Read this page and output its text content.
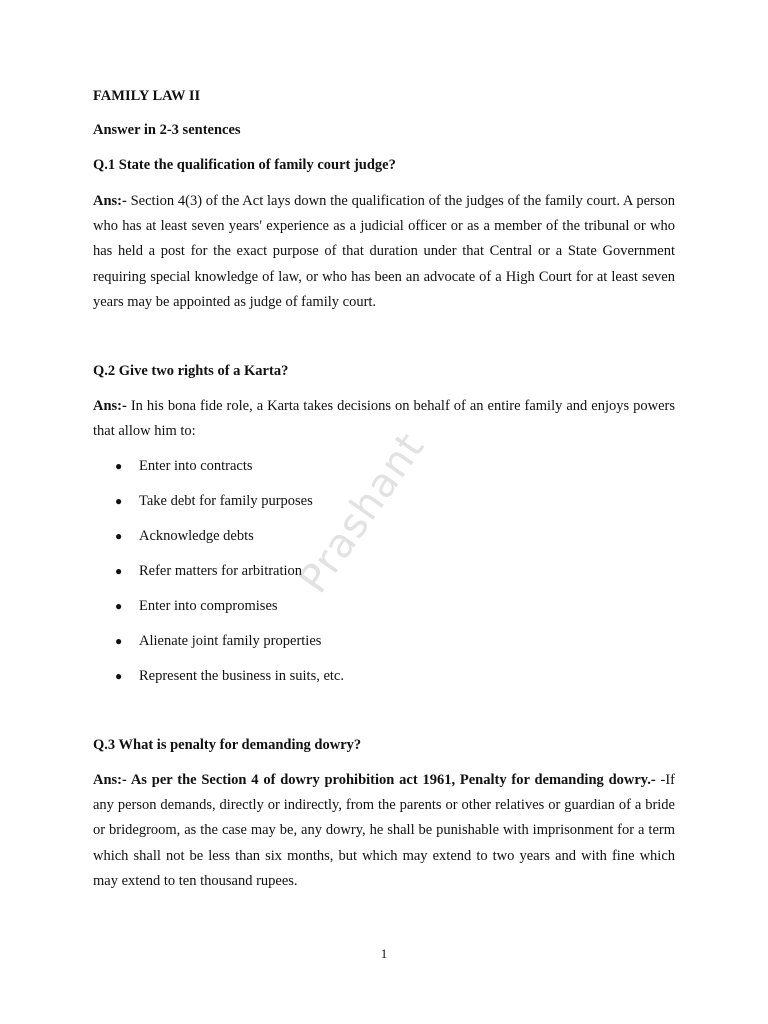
FAMILY LAW II
Answer in 2-3 sentences
Q.1 State the qualification of family court judge?
Ans:- Section 4(3) of the Act lays down the qualification of the judges of the family court. A person who has at least seven years' experience as a judicial officer or as a member of the tribunal or who has held a post for the exact purpose of that duration under that Central or a State Government requiring special knowledge of law, or who has been an advocate of a High Court for at least seven years may be appointed as judge of family court.
Q.2 Give two rights of a Karta?
Ans:- In his bona fide role, a Karta takes decisions on behalf of an entire family and enjoys powers that allow him to:
● Enter into contracts
● Take debt for family purposes
● Acknowledge debts
● Refer matters for arbitration
● Enter into compromises
● Alienate joint family properties
● Represent the business in suits, etc.
Q.3 What is penalty for demanding dowry?
Ans:- As per the Section 4 of dowry prohibition act 1961, Penalty for demanding dowry.- -If any person demands, directly or indirectly, from the parents or other relatives or guardian of a bride or bridegroom, as the case may be, any dowry, he shall be punishable with imprisonment for a term which shall not be less than six months, but which may extend to two years and with fine which may extend to ten thousand rupees.
Prashant
1
